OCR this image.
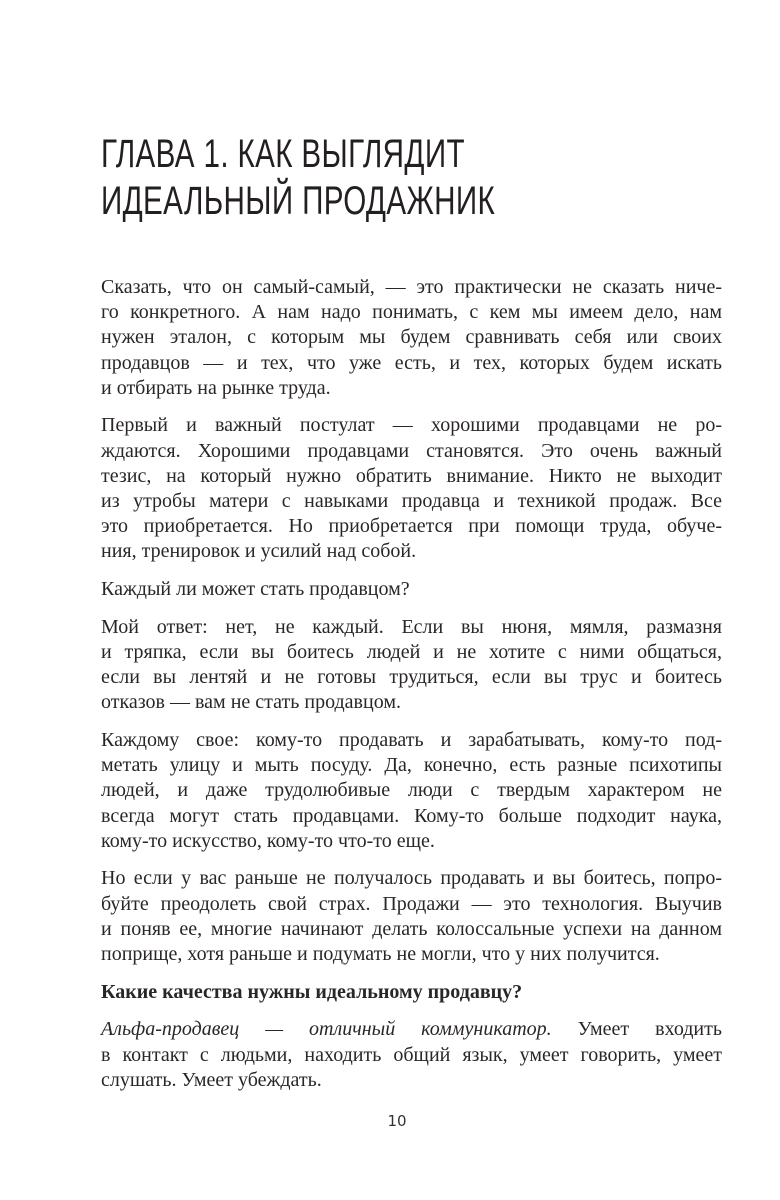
ГЛАВА 1. КАК ВЫГЛЯДИТ
ИДЕАЛЬНЫЙ ПРОДАЖНИК
Сказать, что он самый-самый, — это практически не сказать ниче-
го конкретного. А нам надо понимать, с кем мы имеем дело, нам
нужен эталон, с которым мы будем сравнивать себя или своих
продавцов — и тех, что уже есть, и тех, которых будем искать
и отбирать на рынке труда.
Первый и важный постулат — хорошими продавцами не ро-
ждаются. Хорошими продавцами становятся. Это очень важный
тезис, на который нужно обратить внимание. Никто не выходит
из утробы матери с навыками продавца и техникой продаж. Все
это приобретается. Но приобретается при помощи труда, обуче-
ния, тренировок и усилий над собой.
Каждый ли может стать продавцом?
Мой ответ: нет, не каждый. Если вы нюня, мямля, размазня
и тряпка, если вы боитесь людей и не хотите с ними общаться,
если вы лентяй и не готовы трудиться, если вы трус и боитесь
отказов — вам не стать продавцом.
Каждому свое: кому-то продавать и зарабатывать, кому-то под-
метать улицу и мыть посуду. Да, конечно, есть разные психотипы
людей, и даже трудолюбивые люди с твердым характером не
всегда могут стать продавцами. Кому-то больше подходит наука,
кому-то искусство, кому-то что-то еще.
Но если у вас раньше не получалось продавать и вы боитесь, попро-
буйте преодолеть свой страх. Продажи — это технология. Выучив
и поняв ее, многие начинают делать колоссальные успехи на данном
поприще, хотя раньше и подумать не могли, что у них получится.
Какие качества нужны идеальному продавцу?
Альфа-продавец — отличный коммуникатор. Умеет входить
в контакт с людьми, находить общий язык, умеет говорить, умеет
слушать. Умеет убеждать.
10
